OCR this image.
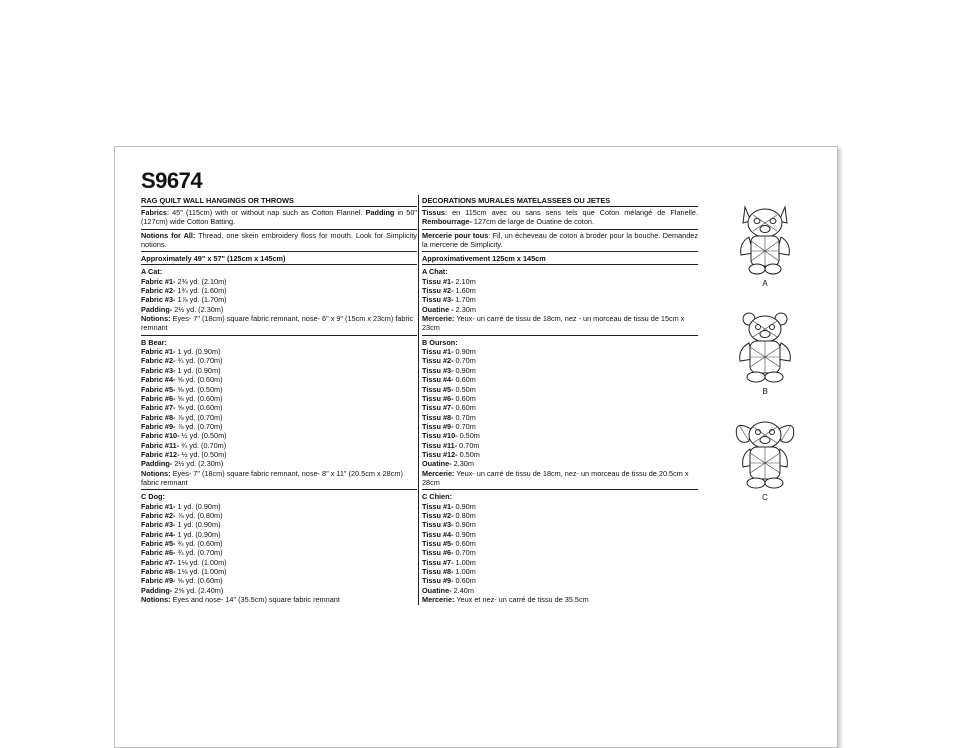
S9674
RAG QUILT WALL HANGINGS OR THROWS
Fabrics: 45" (115cm) with or without nap such as Cotton Flannel. Padding in 50" (127cm) wide Cotton Batting.
Notions for All: Thread, one skein embroidery floss for mouth. Look for Simplicity notions.
Approximately 49" x 57" (125cm x 145cm)
A Cat:
Fabric #1- 2⅜ yd. (2.10m)
Fabric #2- 1¾ yd. (1.60m)
Fabric #3- 1⅞ yd. (1.70m)
Padding- 2½ yd. (2.30m)
Notions: Eyes- 7" (18cm) square fabric remnant, nose- 6" x 9" (15cm x 23cm) fabric remnant
B Bear:
Fabric #1- 1 yd. (0.90m)
Fabric #2- ¾ yd. (0.70m)
Fabric #3- 1 yd. (0.90m)
Fabric #4- ⅝ yd. (0.60m)
Fabric #5- ⅝ yd. (0.50m)
Fabric #6- ⅝ yd. (0.60m)
Fabric #7- ⅝ yd. (0.60m)
Fabric #8- ⅞ yd. (0.70m)
Fabric #9- ⅞ yd. (0.70m)
Fabric #10- ½ yd. (0.50m)
Fabric #11- ¾ yd. (0.70m)
Fabric #12- ½ yd. (0.50m)
Padding- 2½ yd. (2.30m)
Notions: Eyes- 7" (18cm) square fabric remnant, nose- 8" x 11" (20.5cm x 28cm) fabric remnant
C Dog:
Fabric #1- 1 yd. (0.90m)
Fabric #2- ⅞ yd. (0.80m)
Fabric #3- 1 yd. (0.90m)
Fabric #4- 1 yd. (0.90m)
Fabric #5- ¾ yd. (0.60m)
Fabric #6- ¾ yd. (0.70m)
Fabric #7- 1⅛ yd. (1.00m)
Fabric #8- 1⅛ yd. (1.00m)
Fabric #9- ⅝ yd. (0.60m)
Padding- 2⅝ yd. (2.40m)
Notions: Eyes and nose- 14" (35.5cm) square fabric remnant
DECORATIONS MURALES MATELASSEES OU JETES
Tissus: en 115cm avec ou sans sens tels que Coton mélangé de Flanelle. Rembourrage- 127cm de large de Ouatine de coton.
Mercerie pour tous: Fil, un écheveau de coton à broder pour la bouche. Demandez la mercerie de Simplicity.
Approximativement 125cm x 145cm
A Chat:
Tissu #1- 2.10m
Tissu #2- 1.60m
Tissu #3- 1.70m
Ouatine - 2.30m
Mercerie: Yeux- un carré de tissu de 18cm, nez - un morceau de tissu de 15cm x 23cm
B Ourson:
Tissu #1- 0.90m
Tissu #2- 0.70m
Tissu #3- 0.90m
Tissu #4- 0.60m
Tissu #5- 0.50m
Tissu #6- 0.60m
Tissu #7- 0.60m
Tissu #8- 0.70m
Tissu #9- 0.70m
Tissu #10- 0.50m
Tissu #11- 0.70m
Tissu #12- 0.50m
Ouatine- 2.30m
Mercerie: Yeux- un carré de tissu de 18cm, nez- un morceau de tissu de 20.5cm x 28cm
C Chien:
Tissu #1- 0.90m
Tissu #2- 0.80m
Tissu #3- 0.90m
Tissu #4- 0.90m
Tissu #5- 0.60m
Tissu #6- 0.70m
Tissu #7- 1.00m
Tissu #8- 1.00m
Tissu #9- 0.60m
Ouatine- 2.40m
Mercerie: Yeux et nez- un carré de tissu de 35.5cm
A
B
C
